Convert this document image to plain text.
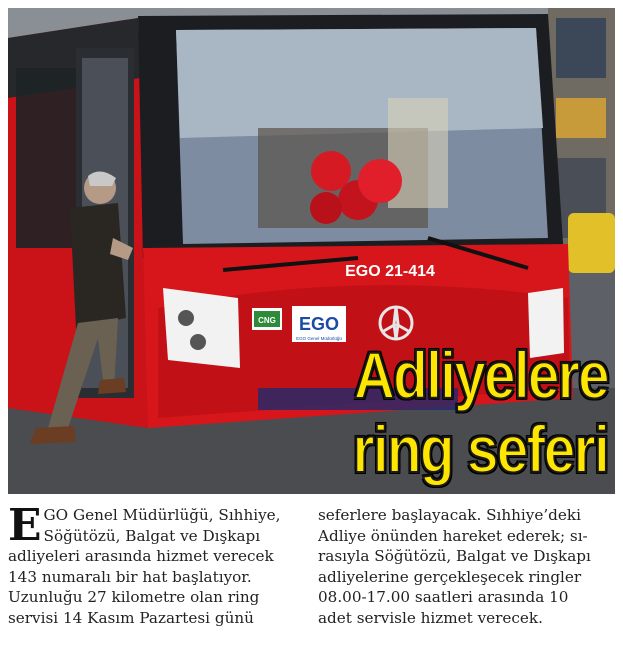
CNG EGO
EGO Genel Müdürlüğü
EGO 21-414
Adliyelere
ring seferi
E GO Genel Müdürlüğü, Sıhhiye,
Söğütözü, Balgat ve Dışkapı
adliyeleri arasında hizmet verecek
143 numaralı bir hat başlatıyor.
Uzunluğu 27 kilometre olan ring
servisi 14 Kasım Pazartesi günü
seferlere başlayacak. Sıhhiye’deki
Adliye önünden hareket ederek; sı-
rasıyla Söğütözü, Balgat ve Dışkapı
adliyelerine gerçekleşecek ringler
08.00-17.00 saatleri arasında 10
adet servisle hizmet verecek.
